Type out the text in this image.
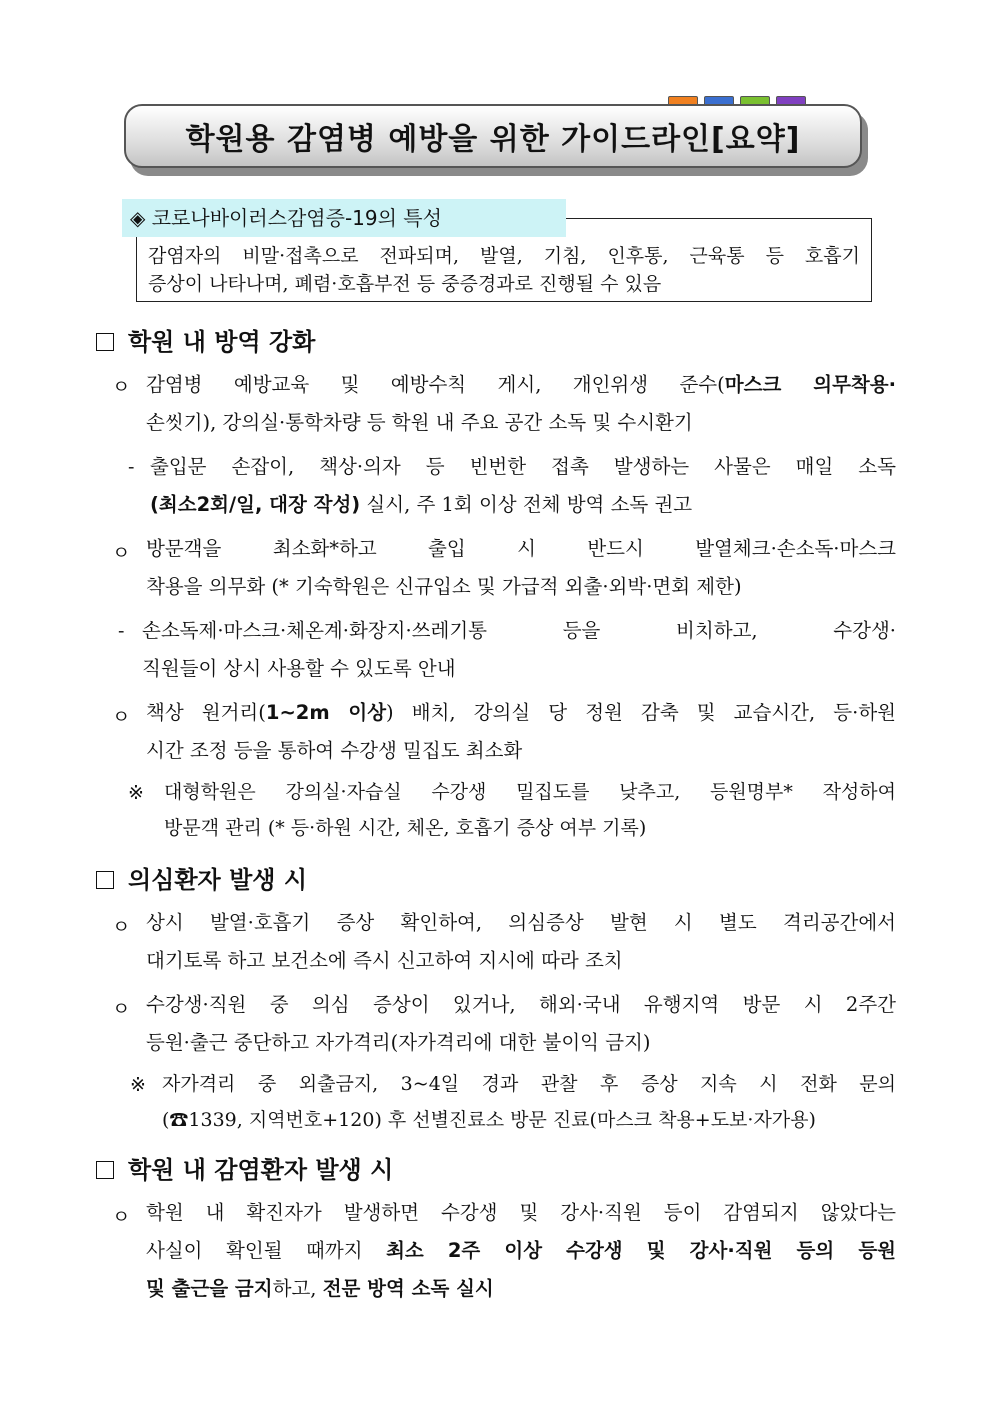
학원용 감염병 예방을 위한 가이드라인[요약]
◈ 코로나바이러스감염증-19의 특성
감염자의 비말·접촉으로 전파되며, 발열, 기침, 인후통, 근육통 등 호흡기
증상이 나타나며, 폐렴·호흡부전 등 중증경과로 진행될 수 있음
학원 내 방역 강화
ㅇ 감염병 예방교육 및 예방수칙 게시, 개인위생 준수(마스크 의무착용·
손씻기), 강의실·통학차량 등 학원 내 주요 공간 소독 및 수시환기
- 출입문 손잡이, 책상·의자 등 빈번한 접촉 발생하는 사물은 매일 소독
(최소2회/일, 대장 작성) 실시, 주 1회 이상 전체 방역 소독 권고
ㅇ 방문객을 최소화*하고 출입 시 반드시 발열체크·손소독·마스크
착용을 의무화 (* 기숙학원은 신규입소 및 가급적 외출·외박·면회 제한)
- 손소독제·마스크·체온계·화장지·쓰레기통 등을 비치하고, 수강생·
직원들이 상시 사용할 수 있도록 안내
ㅇ 책상 원거리(1~2m 이상) 배치, 강의실 당 정원 감축 및 교습시간, 등·하원
시간 조정 등을 통하여 수강생 밀집도 최소화
※ 대형학원은 강의실·자습실 수강생 밀집도를 낮추고, 등원명부* 작성하여
방문객 관리 (* 등·하원 시간, 체온, 호흡기 증상 여부 기록)
의심환자 발생 시
ㅇ 상시 발열·호흡기 증상 확인하여, 의심증상 발현 시 별도 격리공간에서
대기토록 하고 보건소에 즉시 신고하여 지시에 따라 조치
ㅇ 수강생·직원 중 의심 증상이 있거나, 해외·국내 유행지역 방문 시 2주간
등원·출근 중단하고 자가격리(자가격리에 대한 불이익 금지)
※ 자가격리 중 외출금지, 3~4일 경과 관찰 후 증상 지속 시 전화 문의
(☎1339, 지역번호+120) 후 선별진료소 방문 진료(마스크 착용+도보·자가용)
학원 내 감염환자 발생 시
ㅇ 학원 내 확진자가 발생하면 수강생 및 강사·직원 등이 감염되지 않았다는
사실이 확인될 때까지 최소 2주 이상 수강생 및 강사·직원 등의 등원
및 출근을 금지하고, 전문 방역 소독 실시
